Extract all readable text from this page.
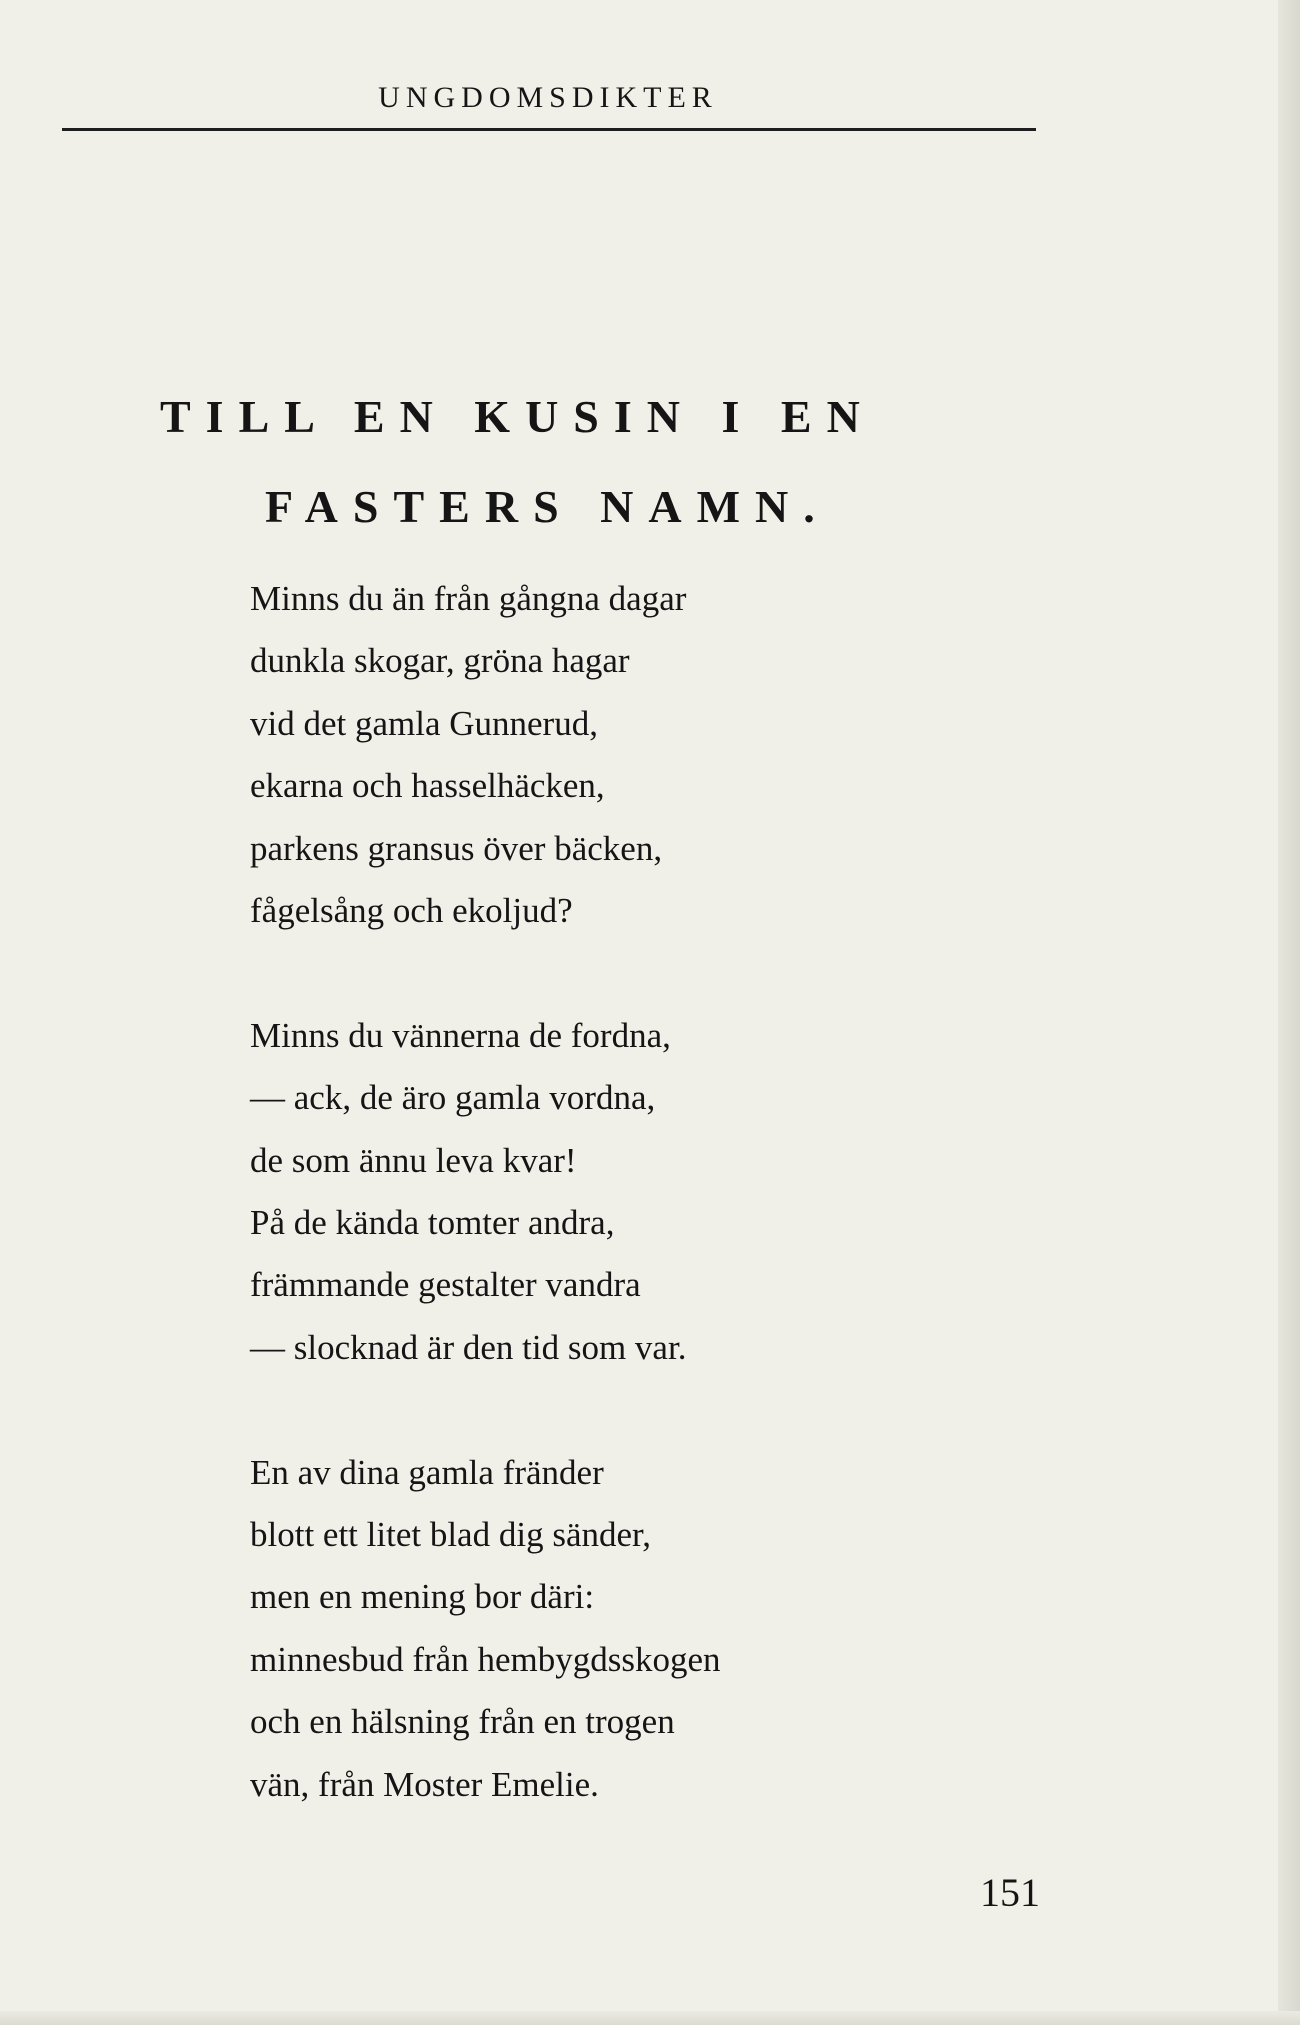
UNGDOMSDIKTER
TILL EN KUSIN I EN
FASTERS NAMN.
Minns du än från gångna dagar
dunkla skogar, gröna hagar
vid det gamla Gunnerud,
ekarna och hasselhäcken,
parkens gransus över bäcken,
fågelsång och ekoljud?
Minns du vännerna de fordna,
— ack, de äro gamla vordna,
de som ännu leva kvar!
På de kända tomter andra,
främmande gestalter vandra
— slocknad är den tid som var.
En av dina gamla fränder
blott ett litet blad dig sänder,
men en mening bor däri:
minnesbud från hembygdsskogen
och en hälsning från en trogen
vän, från Moster Emelie.
151
